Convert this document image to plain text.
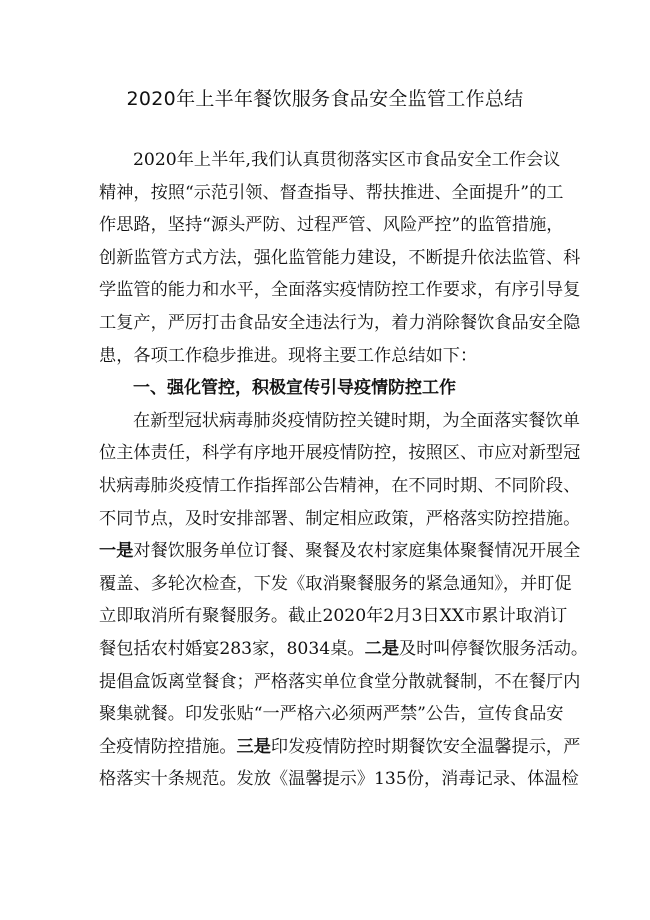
2020年上半年餐饮服务食品安全监管工作总结
2020年上半年,我们认真贯彻落实区市食品安全工作会议
精神，按照“示范引领、督查指导、帮扶推进、全面提升”的工
作思路，坚持“源头严防、过程严管、风险严控”的监管措施，
创新监管方式方法，强化监管能力建设，不断提升依法监管、科
学监管的能力和水平，全面落实疫情防控工作要求，有序引导复
工复产，严厉打击食品安全违法行为，着力消除餐饮食品安全隐
患，各项工作稳步推进。现将主要工作总结如下：
一、强化管控，积极宣传引导疫情防控工作
在新型冠状病毒肺炎疫情防控关键时期，为全面落实餐饮单
位主体责任，科学有序地开展疫情防控，按照区、市应对新型冠
状病毒肺炎疫情工作指挥部公告精神，在不同时期、不同阶段、
不同节点，及时安排部署、制定相应政策，严格落实防控措施。
一是对餐饮服务单位订餐、聚餐及农村家庭集体聚餐情况开展全
覆盖、多轮次检查，下发《取消聚餐服务的紧急通知》，并盯促
立即取消所有聚餐服务。截止2020年2月3日XX市累计取消订
餐包括农村婚宴283家，8034桌。二是及时叫停餐饮服务活动。
提倡盒饭离堂餐食；严格落实单位食堂分散就餐制，不在餐厅内
聚集就餐。印发张贴“一严格六必须两严禁”公告，宣传食品安
全疫情防控措施。三是印发疫情防控时期餐饮安全温馨提示，严
格落实十条规范。发放《温馨提示》135份，消毒记录、体温检
